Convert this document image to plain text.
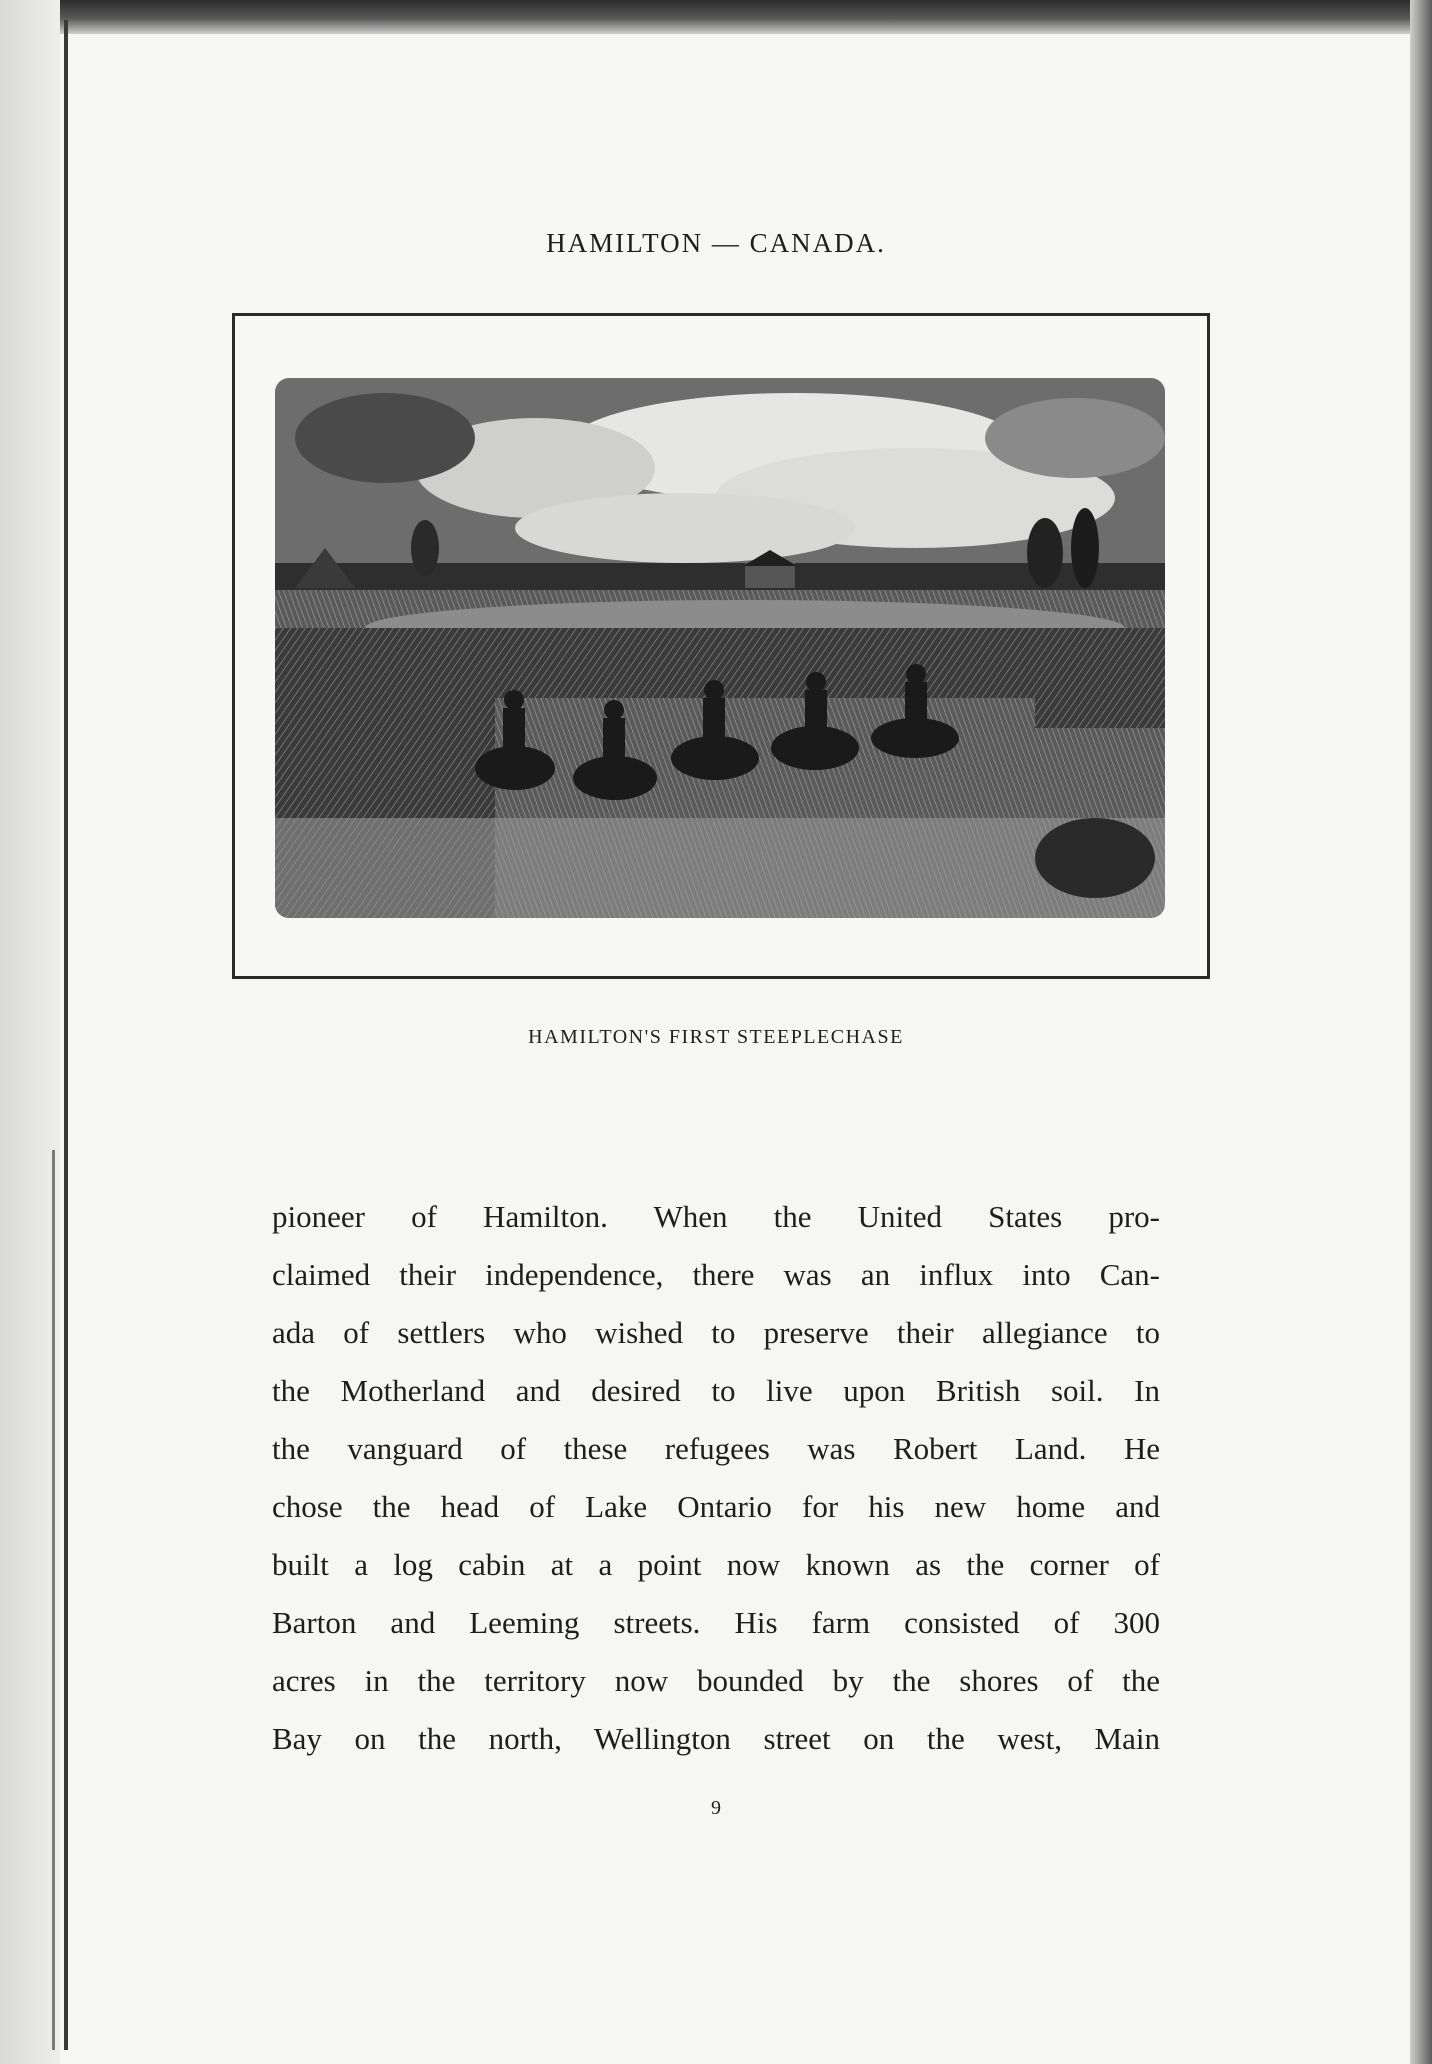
HAMILTON — CANADA.
HAMILTON'S FIRST STEEPLECHASE
pioneer of Hamilton. When the United States pro-
claimed their independence, there was an influx into Can-
ada of settlers who wished to preserve their allegiance to
the Motherland and desired to live upon British soil. In
the vanguard of these refugees was Robert Land. He
chose the head of Lake Ontario for his new home and
built a log cabin at a point now known as the corner of
Barton and Leeming streets. His farm consisted of 300
acres in the territory now bounded by the shores of the
Bay on the north, Wellington street on the west, Main
9
